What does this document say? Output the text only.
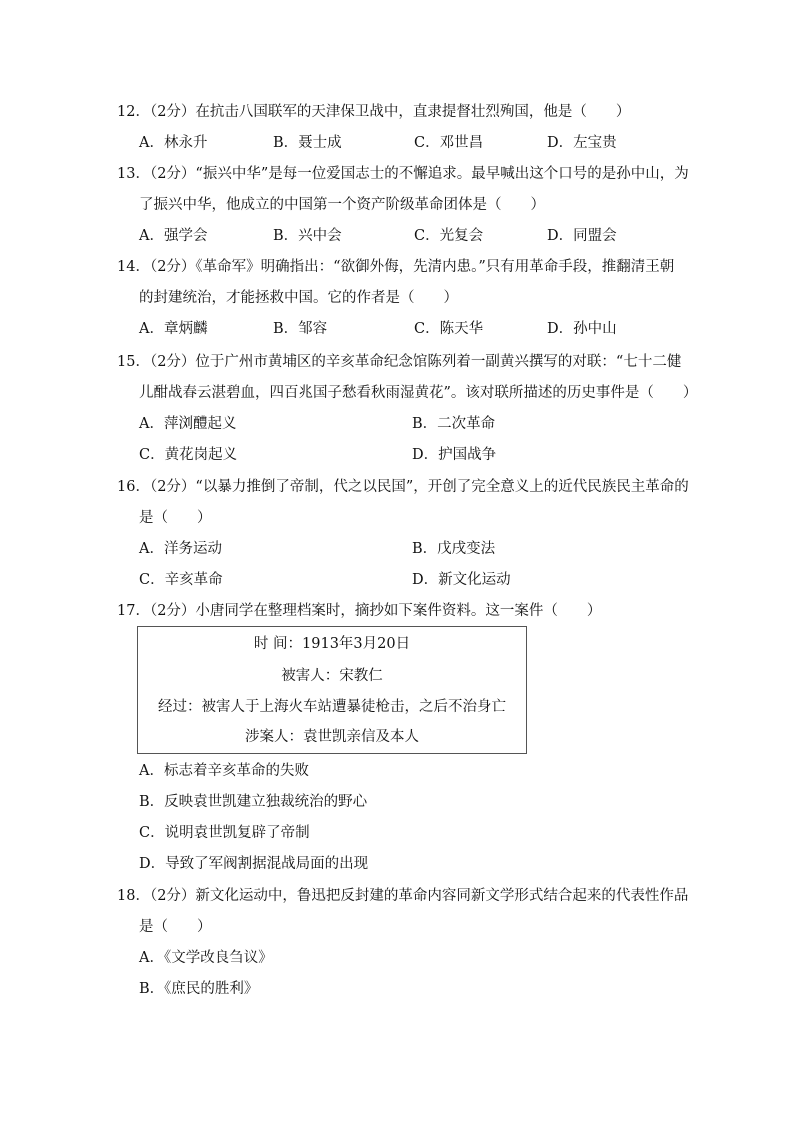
12．（2分）在抗击八国联军的天津保卫战中，直隶提督壮烈殉国，他是（　　）

A．林永升	B．聂士成	C．邓世昌	D．左宝贵

13．（2分）“振兴中华”是每一位爱国志士的不懈追求。最早喊出这个口号的是孙中山，为
了振兴中华，他成立的中国第一个资产阶级革命团体是（　　）

A．强学会	B．兴中会	C．光复会	D．同盟会

14．（2分）《革命军》明确指出：“欲御外侮，先清内患。”只有用革命手段，推翻清王朝
的封建统治，才能拯救中国。它的作者是（　　）

A．章炳麟	B．邹容	C．陈天华	D．孙中山

15．（2分）位于广州市黄埔区的辛亥革命纪念馆陈列着一副黄兴撰写的对联：“七十二健
儿酣战春云湛碧血，四百兆国子愁看秋雨湿黄花”。该对联所描述的历史事件是（　　）

A．萍浏醴起义	B．二次革命
C．黄花岗起义	D．护国战争

16．（2分）“以暴力推倒了帝制，代之以民国”，开创了完全意义上的近代民族民主革命的
是（　　）

A．洋务运动	B．戊戌变法
C．辛亥革命	D．新文化运动

17．（2分）小唐同学在整理档案时，摘抄如下案件资料。这一案件（　　）

时 间：1913年3月20日
被害人：宋教仁
经过：被害人于上海火车站遭暴徒枪击，之后不治身亡
涉案人：袁世凯亲信及本人
A．标志着辛亥革命的失败
B．反映袁世凯建立独裁统治的野心
C．说明袁世凯复辟了帝制
D．导致了军阀割据混战局面的出现

18．（2分）新文化运动中，鲁迅把反封建的革命内容同新文学形式结合起来的代表性作品
是（　　）

A．《文学改良刍议》
B．《庶民的胜利》
